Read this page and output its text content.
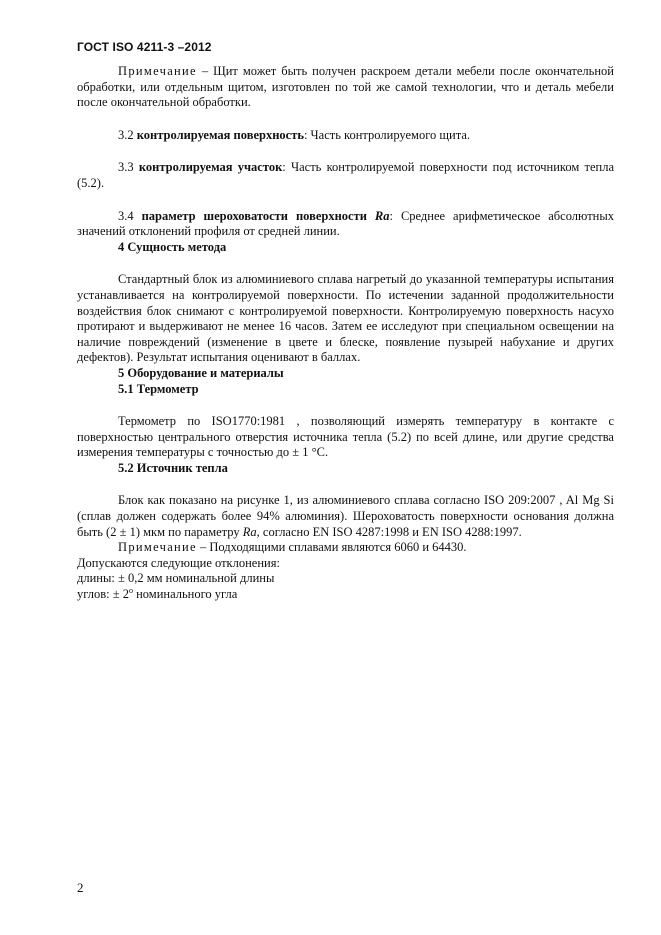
ГОСТ ISO 4211-3 –2012

Примечание – Щит может быть получен раскроем детали мебели после окончательной обработки, или отдельным щитом, изготовлен по той же самой технологии, что и деталь мебели после окончательной обработки.

3.2 контролируемая поверхность: Часть контролируемого щита.

3.3 контролируемая участок: Часть контролируемой поверхности под источником тепла (5.2).

3.4 параметр шероховатости поверхности Ra: Среднее арифметическое абсолютных значений отклонений профиля от средней линии.

4 Сущность метода

Стандартный блок из алюминиевого сплава нагретый до указанной температуры испытания устанавливается на контролируемой поверхности. По истечении заданной продолжительности воздействия блок снимают с контролируемой поверхности. Контролируемую поверхность насухо протирают и выдерживают не менее 16 часов. Затем ее исследуют при специальном освещении на наличие повреждений (изменение в цвете и блеске, появление пузырей набухание и других дефектов). Результат испытания оценивают в баллах.

5 Оборудование и материалы

5.1 Термометр

Термометр по ISO1770:1981 , позволяющий измерять температуру в контакте с поверхностью центрального отверстия источника тепла (5.2) по всей длине, или другие средства измерения температуры с точностью до ± 1 °С.

5.2 Источник тепла

Блок как показано на рисунке 1, из алюминиевого сплава согласно ISO 209:2007 , Al Mg Si (сплав должен содержать более 94% алюминия). Шероховатость поверхности основания должна быть (2 ± 1) мкм по параметру Ra, согласно EN ISO 4287:1998 и EN ISO 4288:1997.

Примечание – Подходящими сплавами являются 6060 и 64430.

Допускаются следующие отклонения:

длины: ± 0,2 мм номинальной длины

углов: ± $2^о$ номинального угла

2
